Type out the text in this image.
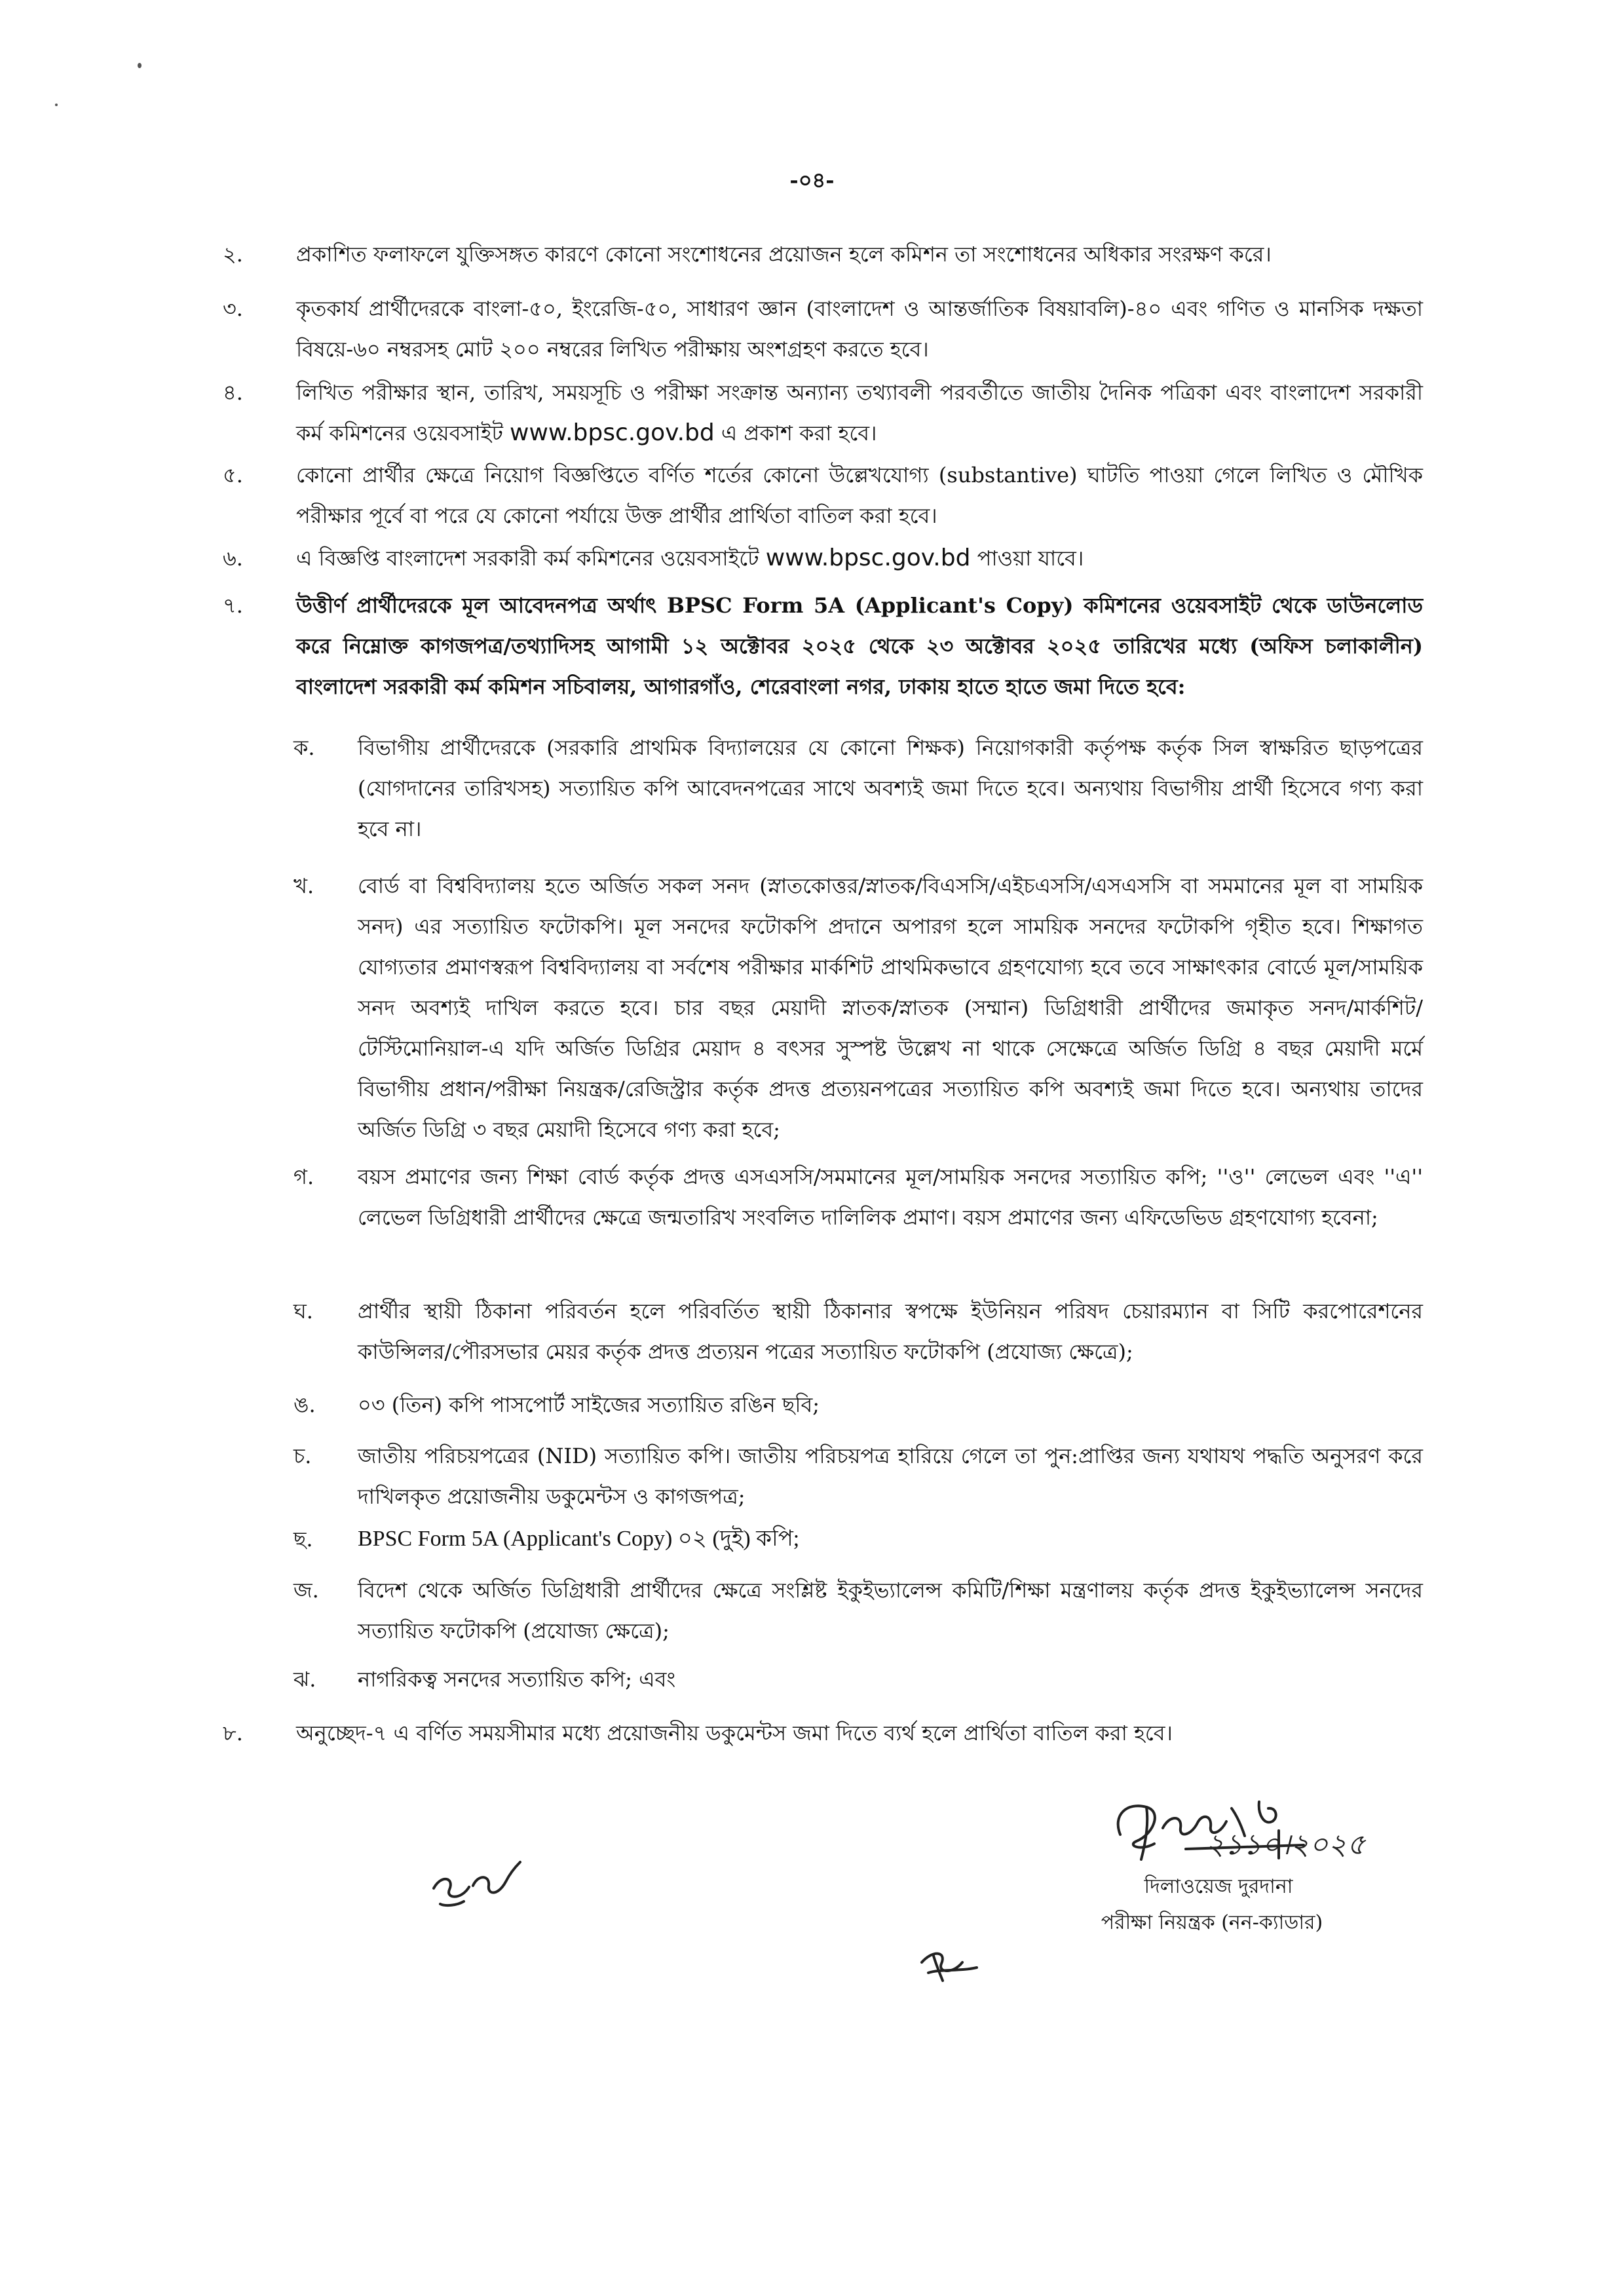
-০৪-
২.	প্রকাশিত ফলাফলে যুক্তিসঙ্গত কারণে কোনো সংশোধনের প্রয়োজন হলে কমিশন তা সংশোধনের অধিকার সংরক্ষণ করে।
৩.	কৃতকার্য প্রার্থীদেরকে বাংলা-৫০, ইংরেজি-৫০, সাধারণ জ্ঞান (বাংলাদেশ ও আন্তর্জাতিক বিষয়াবলি)-৪০ এবং গণিত ও মানসিক দক্ষতা বিষয়ে-৬০ নম্বরসহ মোট ২০০ নম্বরের লিখিত পরীক্ষায় অংশগ্রহণ করতে হবে।
৪.	লিখিত পরীক্ষার স্থান, তারিখ, সময়সূচি ও পরীক্ষা সংক্রান্ত অন্যান্য তথ্যাবলী পরবর্তীতে জাতীয় দৈনিক পত্রিকা এবং বাংলাদেশ সরকারী কর্ম কমিশনের ওয়েবসাইট www.bpsc.gov.bd এ প্রকাশ করা হবে।
৫.	কোনো প্রার্থীর ক্ষেত্রে নিয়োগ বিজ্ঞপ্তিতে বর্ণিত শর্তের কোনো উল্লেখযোগ্য (substantive) ঘাটতি পাওয়া গেলে লিখিত ও মৌখিক পরীক্ষার পূর্বে বা পরে যে কোনো পর্যায়ে উক্ত প্রার্থীর প্রার্থিতা বাতিল করা হবে।
৬.	এ বিজ্ঞপ্তি বাংলাদেশ সরকারী কর্ম কমিশনের ওয়েবসাইটে www.bpsc.gov.bd পাওয়া যাবে।
৭.	উত্তীর্ণ প্রার্থীদেরকে মূল আবেদনপত্র অর্থাৎ BPSC Form 5A (Applicant's Copy) কমিশনের ওয়েবসাইট থেকে ডাউনলোড করে নিম্নোক্ত কাগজপত্র/তথ্যাদিসহ আগামী ১২ অক্টোবর ২০২৫ থেকে ২৩ অক্টোবর ২০২৫ তারিখের মধ্যে (অফিস চলাকালীন) বাংলাদেশ সরকারী কর্ম কমিশন সচিবালয়, আগারগাঁও, শেরেবাংলা নগর, ঢাকায় হাতে হাতে জমা দিতে হবে:
ক. বিভাগীয় প্রার্থীদেরকে (সরকারি প্রাথমিক বিদ্যালয়ের যে কোনো শিক্ষক) নিয়োগকারী কর্তৃপক্ষ কর্তৃক সিল স্বাক্ষরিত ছাড়পত্রের (যোগদানের তারিখসহ) সত্যায়িত কপি আবেদনপত্রের সাথে অবশ্যই জমা দিতে হবে। অন্যথায় বিভাগীয় প্রার্থী হিসেবে গণ্য করা হবে না।
খ. বোর্ড বা বিশ্ববিদ্যালয় হতে অর্জিত সকল সনদ (স্নাতকোত্তর/স্নাতক/বিএসসি/এইচএসসি/এসএসসি বা সমমানের মূল বা সাময়িক সনদ) এর সত্যায়িত ফটোকপি। মূল সনদের ফটোকপি প্রদানে অপারগ হলে সাময়িক সনদের ফটোকপি গৃহীত হবে। শিক্ষাগত যোগ্যতার প্রমাণস্বরূপ বিশ্ববিদ্যালয় বা সর্বশেষ পরীক্ষার মার্কশিট প্রাথমিকভাবে গ্রহণযোগ্য হবে তবে সাক্ষাৎকার বোর্ডে মূল/সাময়িক সনদ অবশ্যই দাখিল করতে হবে। চার বছর মেয়াদী স্নাতক/স্নাতক (সম্মান) ডিগ্রিধারী প্রার্থীদের জমাকৃত সনদ/মার্কশিট/টেস্টিমোনিয়াল-এ যদি অর্জিত ডিগ্রির মেয়াদ ৪ বৎসর সুস্পষ্ট উল্লেখ না থাকে সেক্ষেত্রে অর্জিত ডিগ্রি ৪ বছর মেয়াদী মর্মে বিভাগীয় প্রধান/পরীক্ষা নিয়ন্ত্রক/রেজিস্ট্রার কর্তৃক প্রদত্ত প্রত্যয়নপত্রের সত্যায়িত কপি অবশ্যই জমা দিতে হবে। অন্যথায় তাদের অর্জিত ডিগ্রি ৩ বছর মেয়াদী হিসেবে গণ্য করা হবে;
গ. বয়স প্রমাণের জন্য শিক্ষা বোর্ড কর্তৃক প্রদত্ত এসএসসি/সমমানের মূল/সাময়িক সনদের সত্যায়িত কপি; ''ও'' লেভেল এবং ''এ'' লেভেল ডিগ্রিধারী প্রার্থীদের ক্ষেত্রে জন্মতারিখ সংবলিত দালিলিক প্রমাণ। বয়স প্রমাণের জন্য এফিডেভিড গ্রহণযোগ্য হবেনা;
ঘ. প্রার্থীর স্থায়ী ঠিকানা পরিবর্তন হলে পরিবর্তিত স্থায়ী ঠিকানার স্বপক্ষে ইউনিয়ন পরিষদ চেয়ারম্যান বা সিটি করপোরেশনের কাউন্সিলর/পৌরসভার মেয়র কর্তৃক প্রদত্ত প্রত্যয়ন পত্রের সত্যায়িত ফটোকপি (প্রযোজ্য ক্ষেত্রে);
ঙ. ০৩ (তিন) কপি পাসপোর্ট সাইজের সত্যায়িত রঙিন ছবি;
চ. জাতীয় পরিচয়পত্রের (NID) সত্যায়িত কপি। জাতীয় পরিচয়পত্র হারিয়ে গেলে তা পুন:প্রাপ্তির জন্য যথাযথ পদ্ধতি অনুসরণ করে দাখিলকৃত প্রয়োজনীয় ডকুমেন্টস ও কাগজপত্র;
ছ. BPSC Form 5A (Applicant's Copy) ০২ (দুই) কপি;
জ. বিদেশ থেকে অর্জিত ডিগ্রিধারী প্রার্থীদের ক্ষেত্রে সংশ্লিষ্ট ইকুইভ্যালেন্স কমিটি/শিক্ষা মন্ত্রণালয় কর্তৃক প্রদত্ত ইকুইভ্যালেন্স সনদের সত্যায়িত ফটোকপি (প্রযোজ্য ক্ষেত্রে);
ঝ. নাগরিকত্ব সনদের সত্যায়িত কপি; এবং
৮.	অনুচ্ছেদ-৭ এ বর্ণিত সময়সীমার মধ্যে প্রয়োজনীয় ডকুমেন্টস জমা দিতে ব্যর্থ হলে প্রার্থিতা বাতিল করা হবে।
২১১০।২০২৫
দিলাওয়েজ দুরদানা
পরীক্ষা নিয়ন্ত্রক (নন-ক্যাডার)
শুভ
